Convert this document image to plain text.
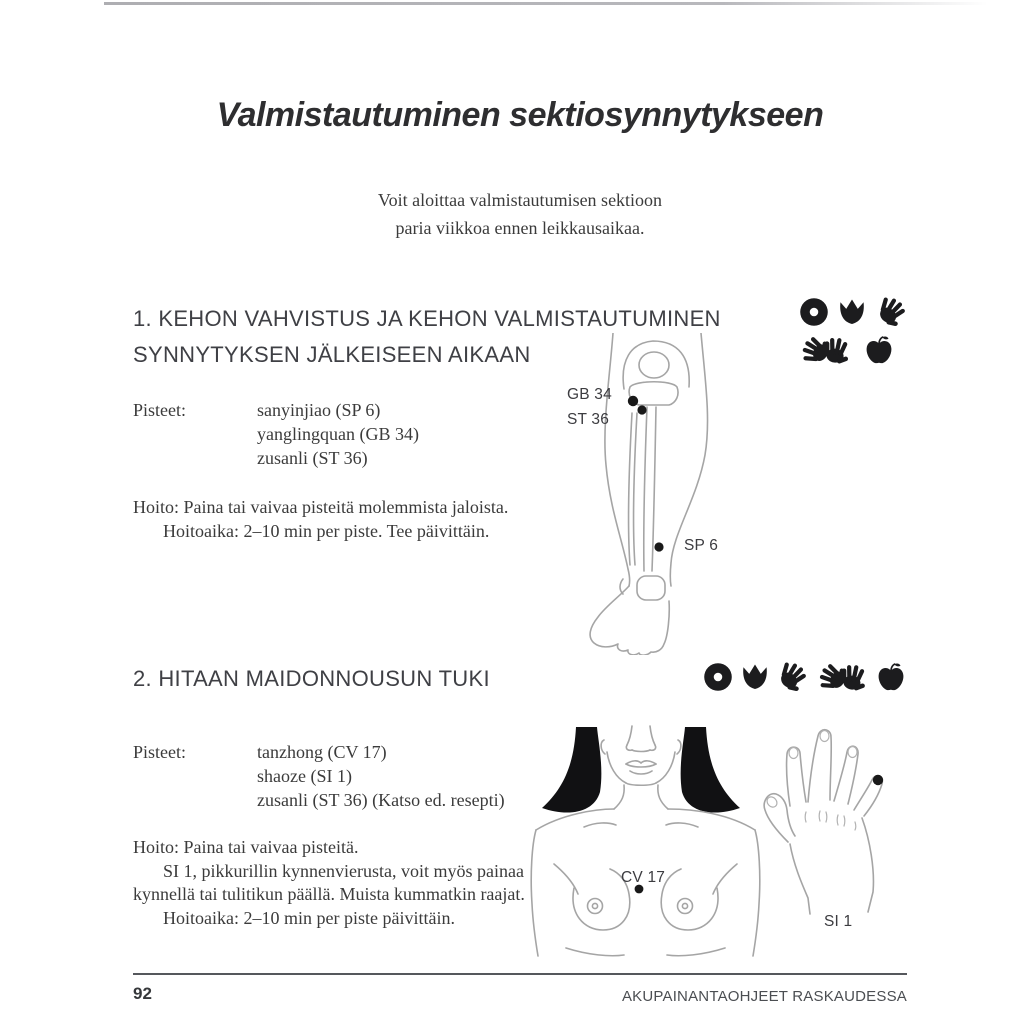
Valmistautuminen sektiosynnytykseen
Voit aloittaa valmistautumisen sektioon
paria viikkoa ennen leikkausaikaa.
1. KEHON VAHVISTUS JA KEHON VALMISTAUTUMINEN SYNNYTYKSEN JÄLKEISEEN AIKAAN
Pisteet:	sanyinjiao (SP 6)
yanglingquan (GB 34)
zusanli (ST 36)
Hoito: Paina tai vaivaa pisteitä molemmista jaloista.
Hoitoaika: 2–10 min per piste. Tee päivittäin.
GB 34
ST 36
SP 6
2. HITAAN MAIDONNOUSUN TUKI
Pisteet:	tanzhong (CV 17)
shaoze (SI 1)
zusanli (ST 36) (Katso ed. resepti)
Hoito: Paina tai vaivaa pisteitä.
SI 1, pikkurillin kynnenvierusta, voit myös painaa
kynnellä tai tulitikun päällä. Muista kummatkin raajat.
Hoitoaika: 2–10 min per piste päivittäin.
CV 17
SI 1
92	AKUPAINANTAOHJEET RASKAUDESSA
